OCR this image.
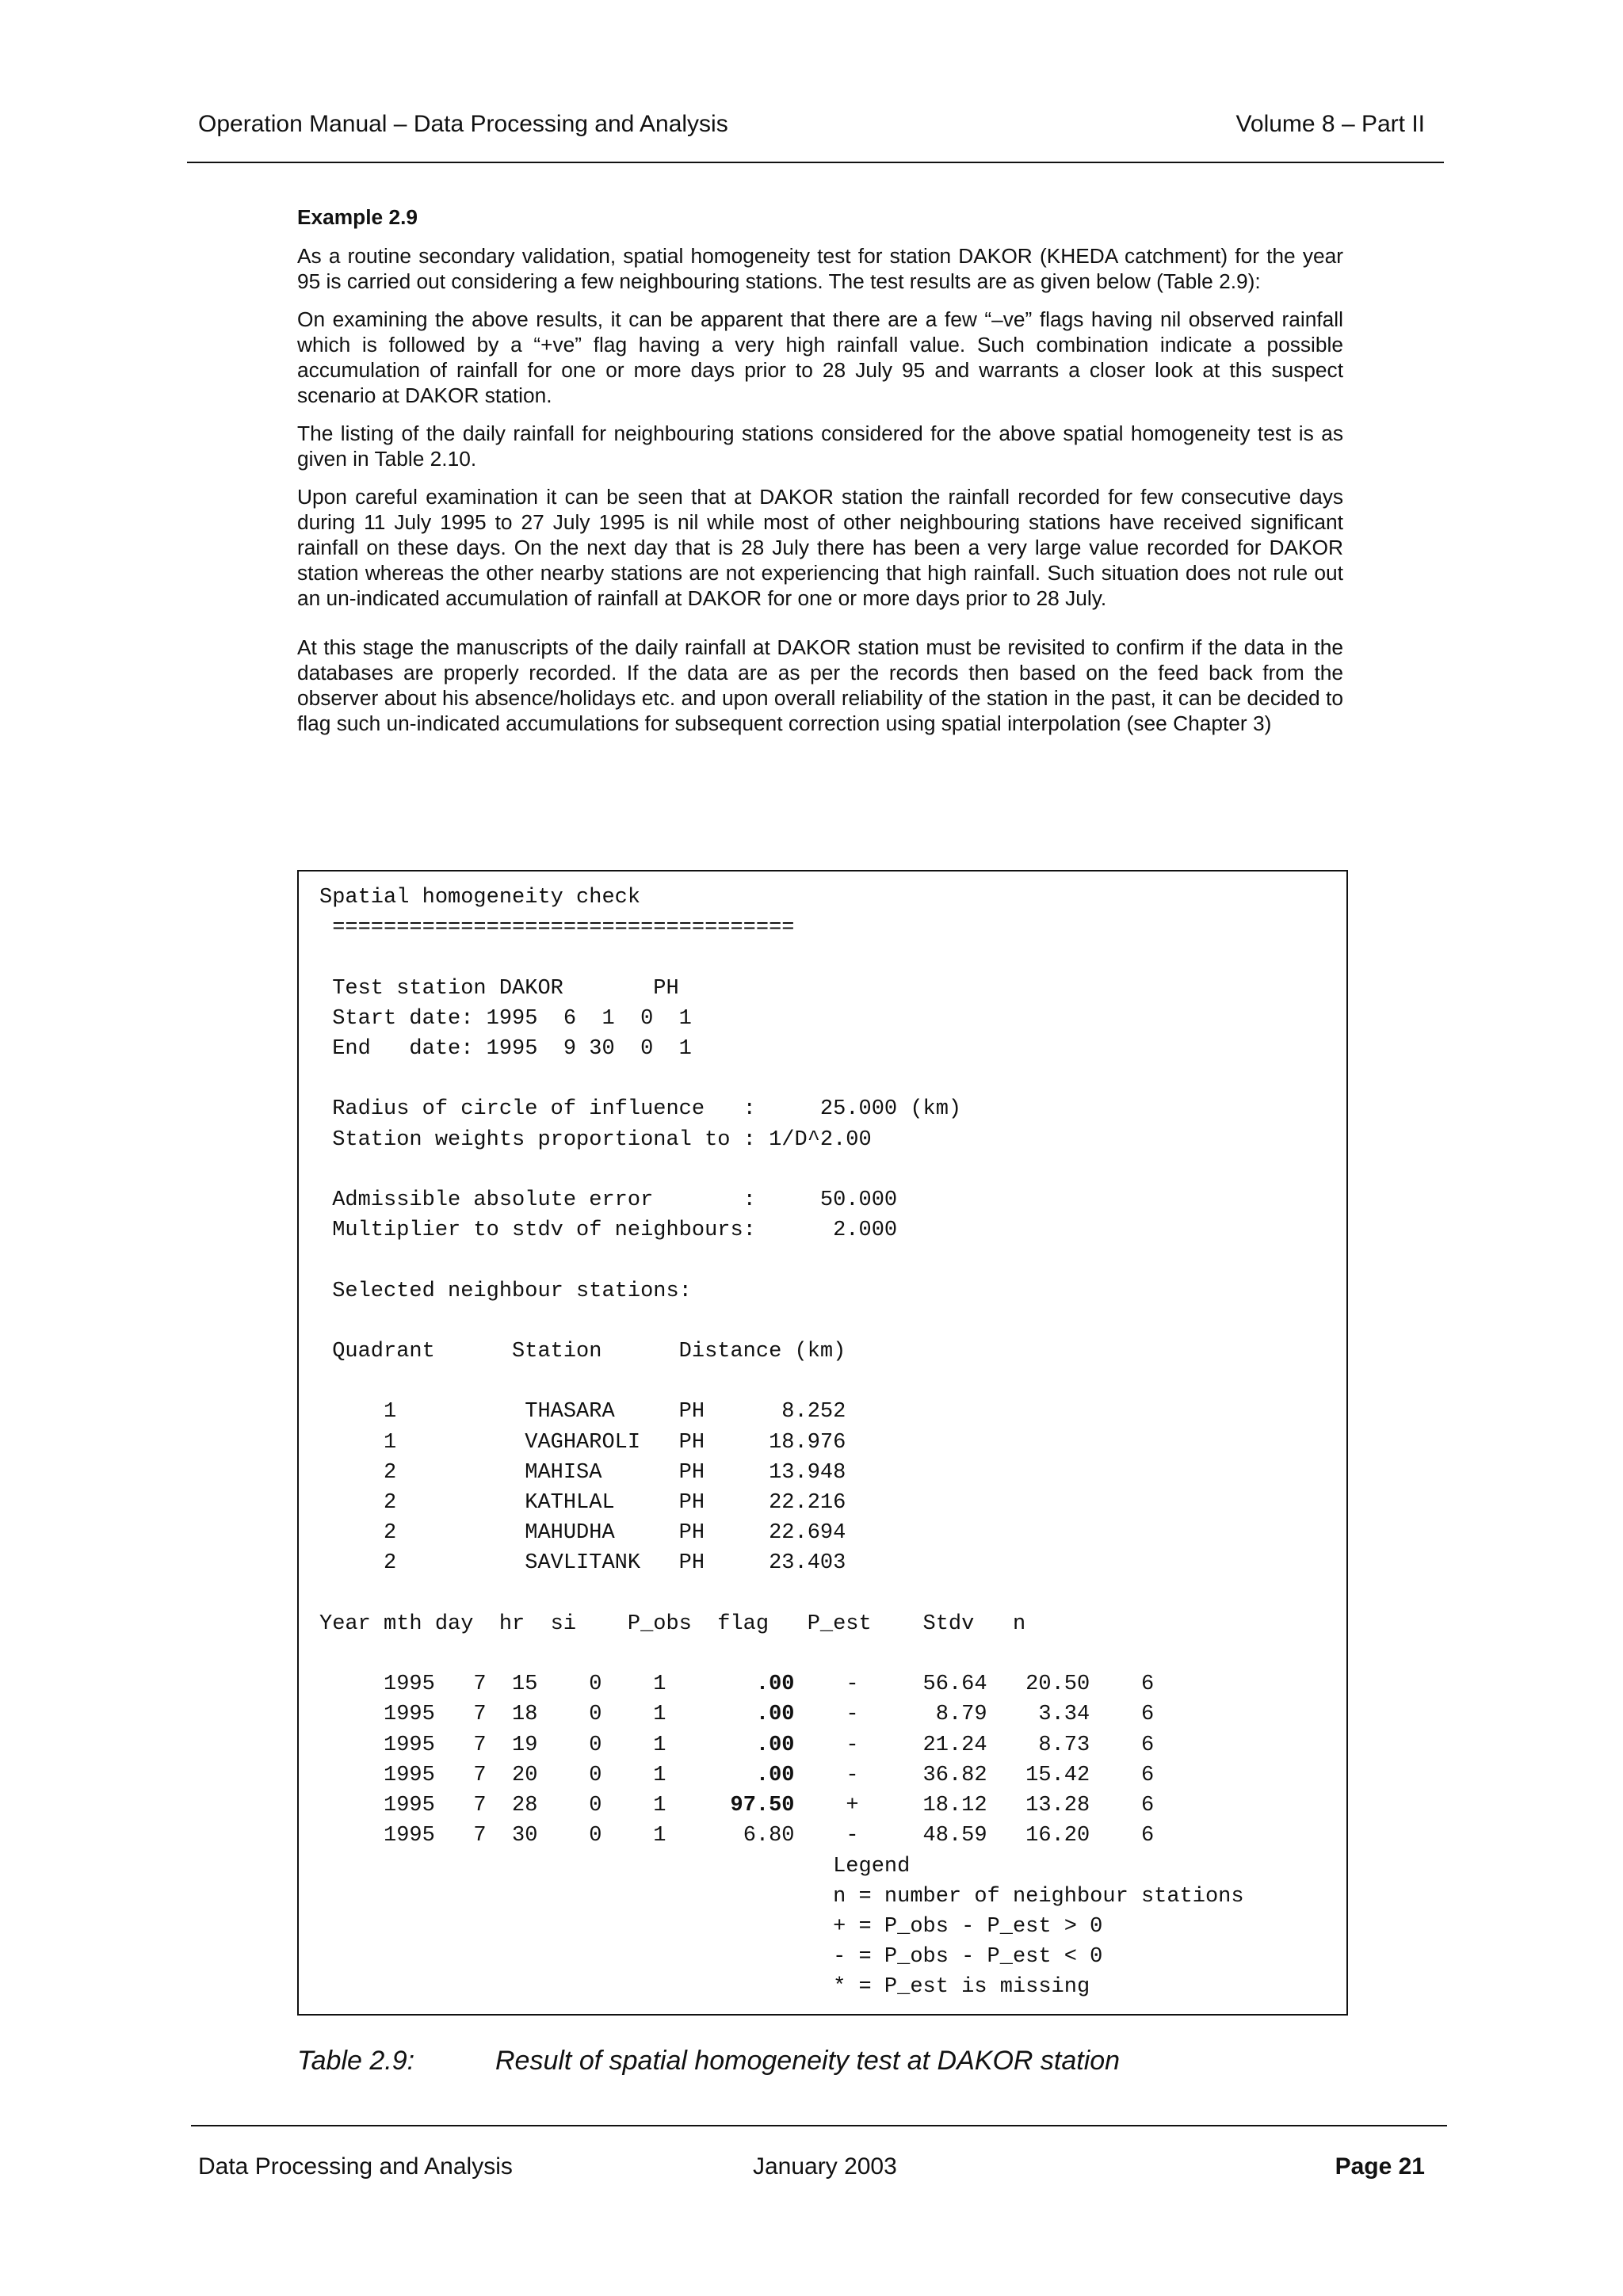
Operation Manual – Data Processing and Analysis	Volume 8 – Part II
Example 2.9

As a routine secondary validation, spatial homogeneity test for station DAKOR (KHEDA catchment) for the year 95 is carried out considering a few neighbouring stations. The test results are as given below (Table 2.9):

On examining the above results, it can be apparent that there are a few “–ve” flags having nil observed rainfall which is followed by a “+ve” flag having a very high rainfall value. Such combination indicate a possible accumulation of rainfall for one or more days prior to 28 July 95 and warrants a closer look at this suspect scenario at DAKOR station.

The listing of the daily rainfall for neighbouring stations considered for the above spatial homogeneity test is as given in Table 2.10.

Upon careful examination it can be seen that at DAKOR station the rainfall recorded for few consecutive days during 11 July 1995 to 27 July 1995 is nil while most of other neighbouring stations have received significant rainfall on these days. On the next day that is 28 July there has been a very large value recorded for DAKOR station whereas the other nearby stations are not experiencing that high rainfall. Such situation does not rule out an un-indicated accumulation of rainfall at DAKOR for one or more days prior to 28 July.

At this stage the manuscripts of the daily rainfall at DAKOR station must be revisited to confirm if the data in the databases are properly recorded. If the data are as per the records then based on the feed back from the observer about his absence/holidays etc. and upon overall reliability of the station in the past, it can be decided to flag such un-indicated accumulations for subsequent correction using spatial interpolation (see Chapter 3)

Spatial homogeneity check
====================================

Test station DAKOR       PH
Start date: 1995  6  1  0  1
End   date: 1995  9 30  0  1

Radius of circle of influence   :     25.000 (km)
Station weights proportional to : 1/D^2.00

Admissible absolute error       :     50.000
Multiplier to stdv of neighbours:      2.000

Selected neighbour stations:

Quadrant      Station      Distance (km)

1          THASARA     PH      8.252
1          VAGHAROLI   PH     18.976
2          MAHISA      PH     13.948
2          KATHLAL     PH     22.216
2          MAHUDHA     PH     22.694
2          SAVLITANK   PH     23.403

Year mth day  hr  si    P_obs  flag   P_est    Stdv   n

1995   7  15    0    1       .00    -     56.64   20.50    6
1995   7  18    0    1       .00    -      8.79    3.34    6
1995   7  19    0    1       .00    -     21.24    8.73    6
1995   7  20    0    1       .00    -     36.82   15.42    6
1995   7  28    0    1     97.50    +     18.12   13.28    6
1995   7  30    0    1      6.80    -     48.59   16.20    6
Legend
n = number of neighbour stations
+ = P_obs - P_est > 0
- = P_obs - P_est < 0
* = P_est is missing
Table 2.9:	Result of spatial homogeneity test at DAKOR station
Data Processing and Analysis	January 2003	Page 21
